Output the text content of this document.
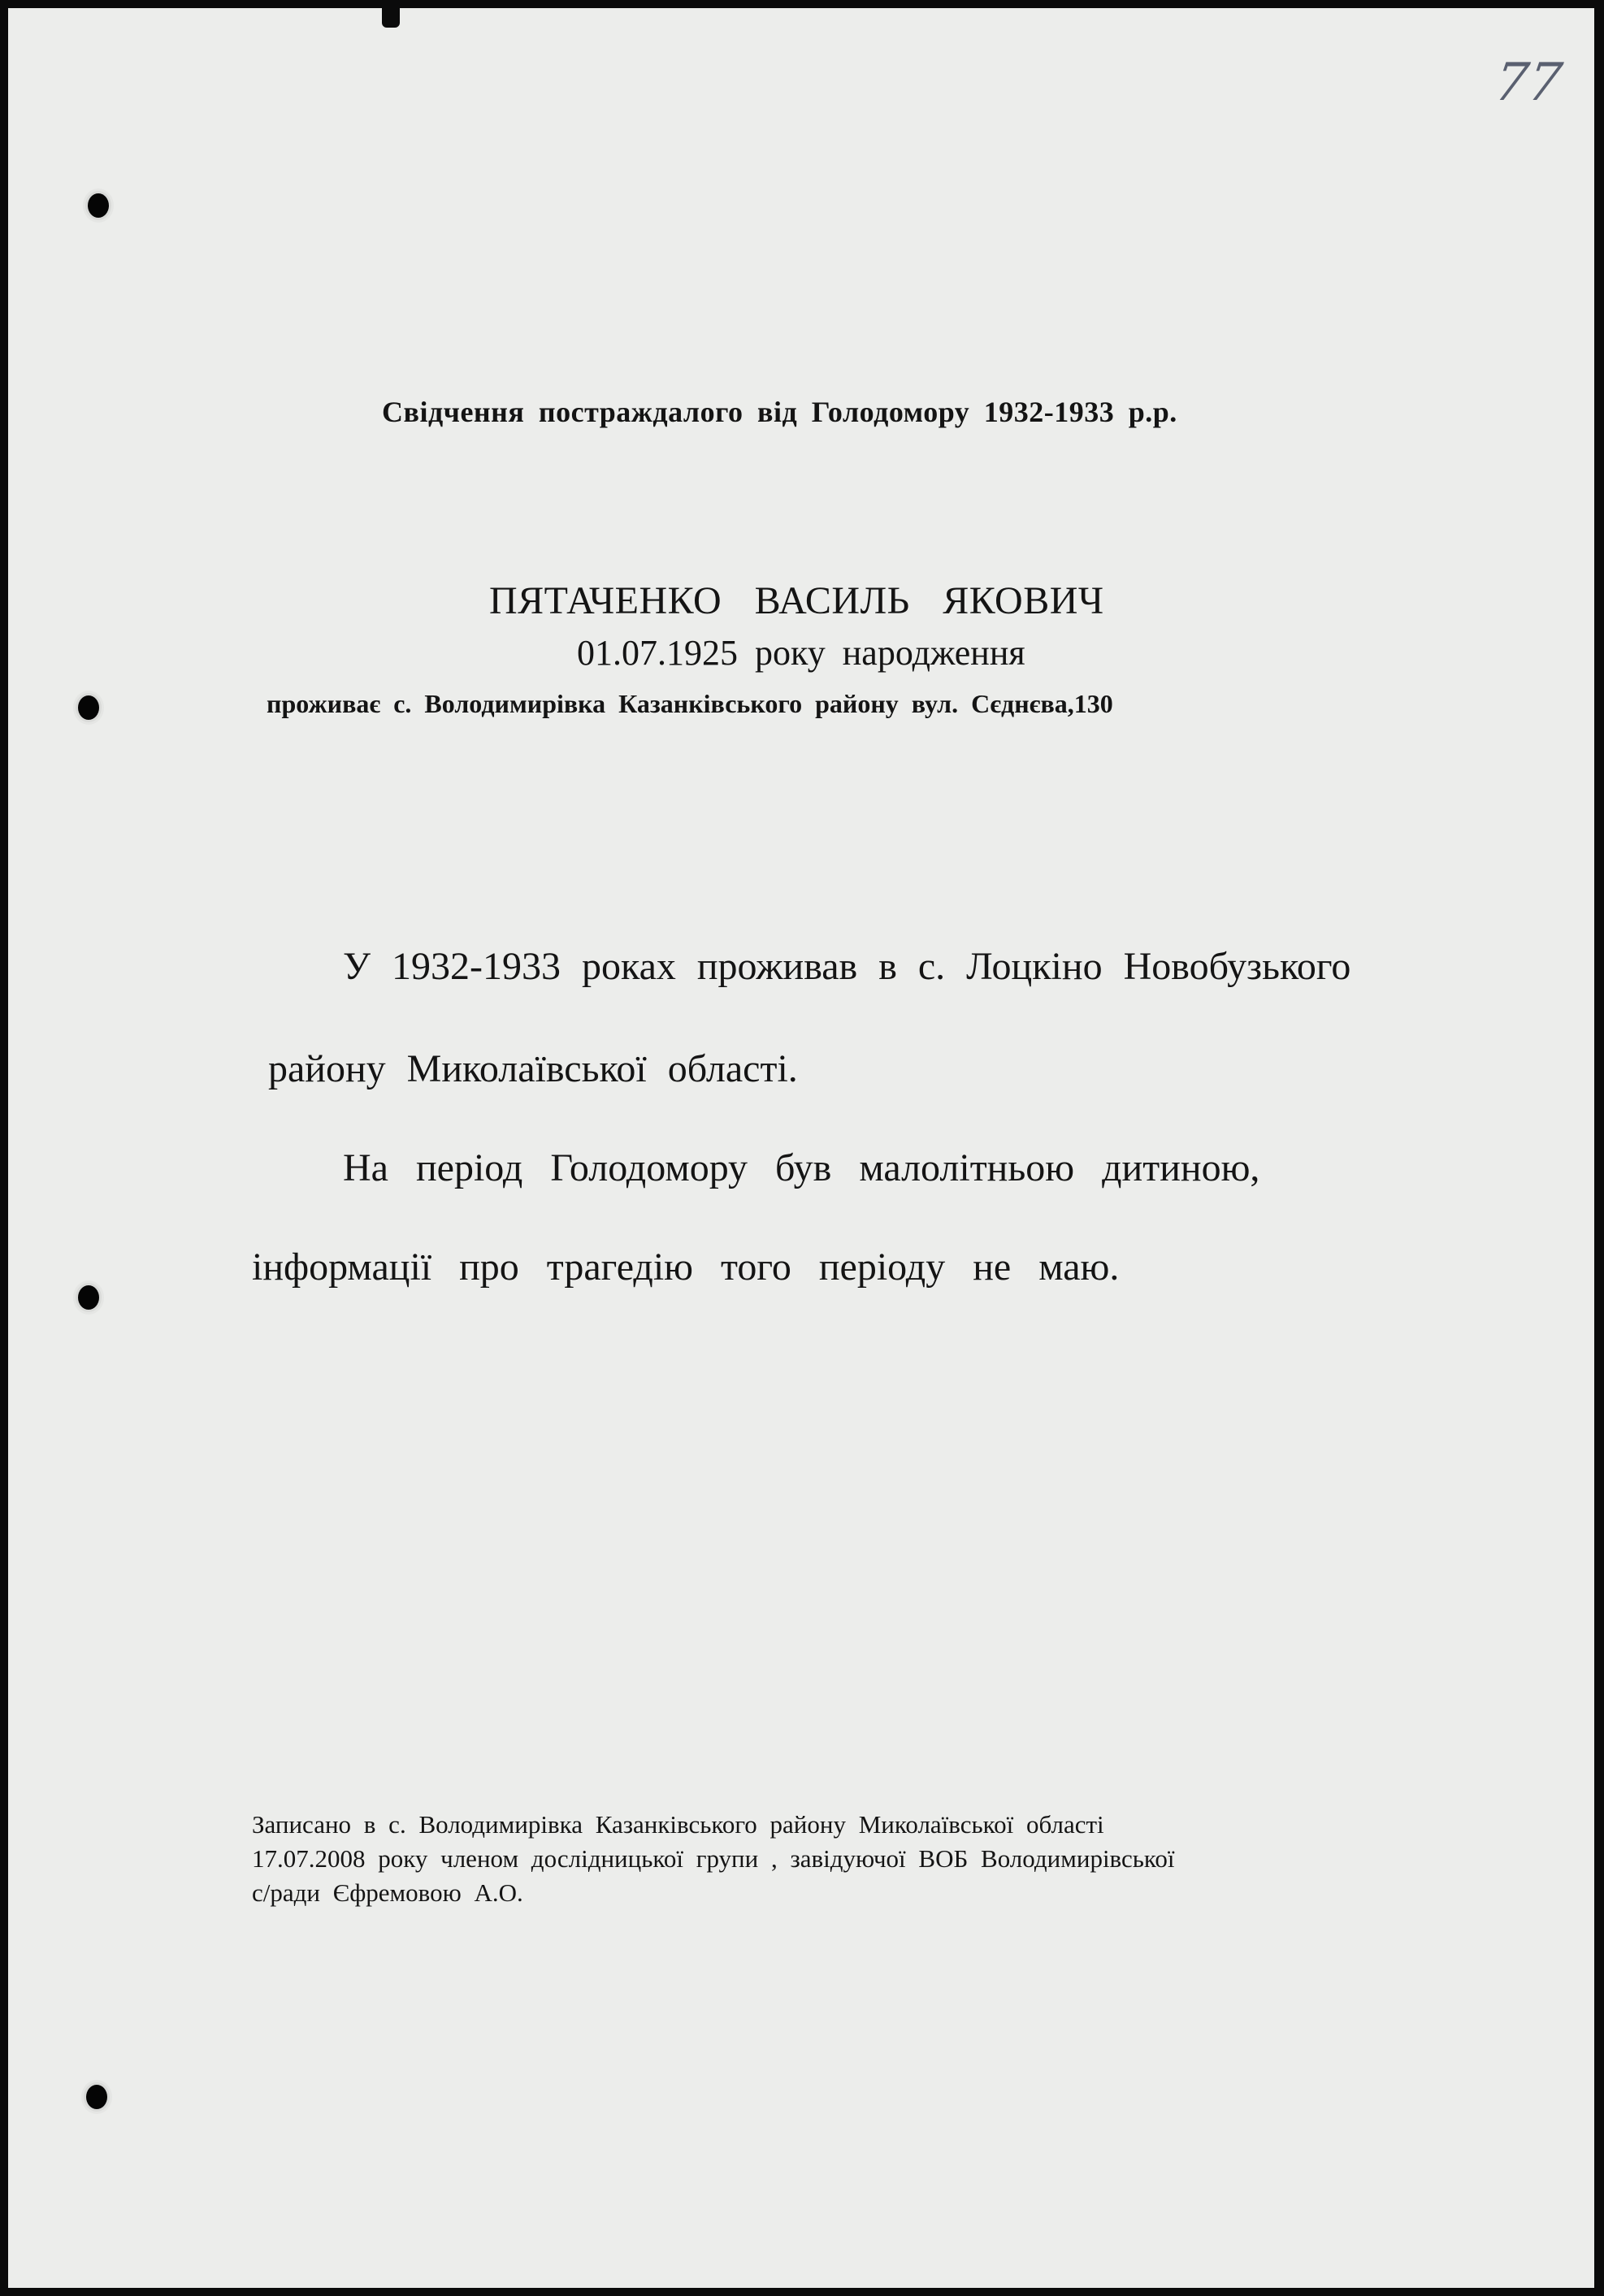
77
Свідчення постраждалого від Голодомору 1932-1933 р.р.
ПЯТАЧЕНКО ВАСИЛЬ ЯКОВИЧ
01.07.1925 року народження
проживає с. Володимирівка Казанківського району вул. Сєднєва,130
У 1932-1933 роках проживав в с. Лоцкіно Новобузького
району Миколаївської області.
На період Голодомору був малолітньою дитиною,
інформації про трагедію того періоду не маю.
Записано в с. Володимирівка Казанківського району Миколаївської області
17.07.2008 року членом дослідницької групи , завідуючої ВОБ Володимирівської
с/ради Єфремовою А.О.
